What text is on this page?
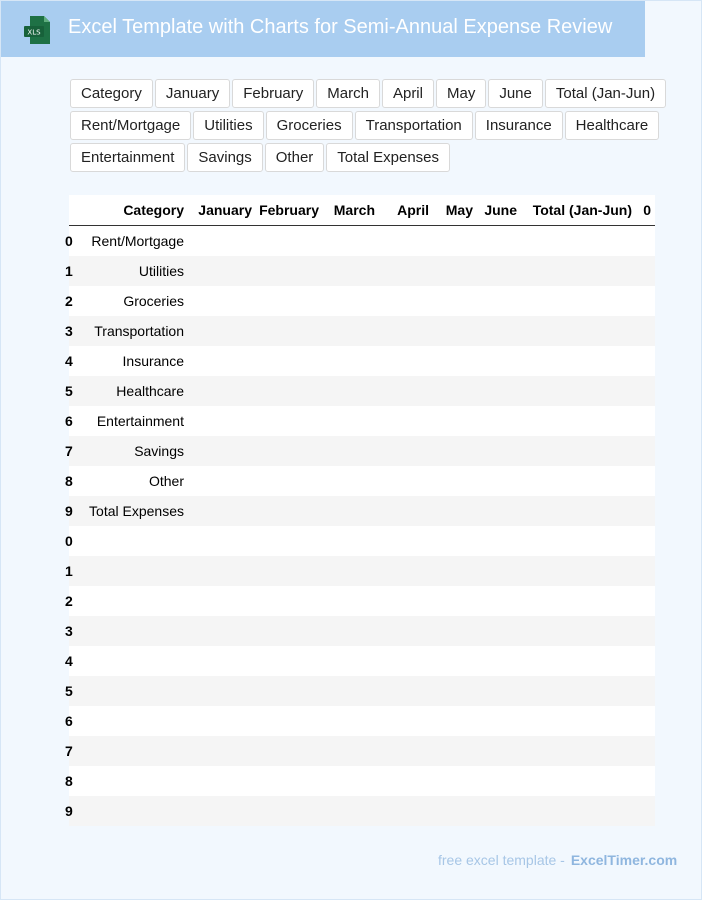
XLS Excel Template with Charts for Semi-Annual Expense Review
Category	January	February	March	April	May	June	Total (Jan-Jun)
Rent/Mortgage	Utilities	Groceries	Transportation	Insurance	Healthcare
Entertainment	Savings	Other	Total Expenses
	Category	January	February	March	April	May	June	Total (Jan-Jun)	0
0	Rent/Mortgage								
1	Utilities								
2	Groceries								
3	Transportation								
4	Insurance								
5	Healthcare								
6	Entertainment								
7	Savings								
8	Other								
9	Total Expenses								
0									
1									
2									
3									
4									
5									
6									
7									
8									
9									
free excel template - ExcelTimer.com
